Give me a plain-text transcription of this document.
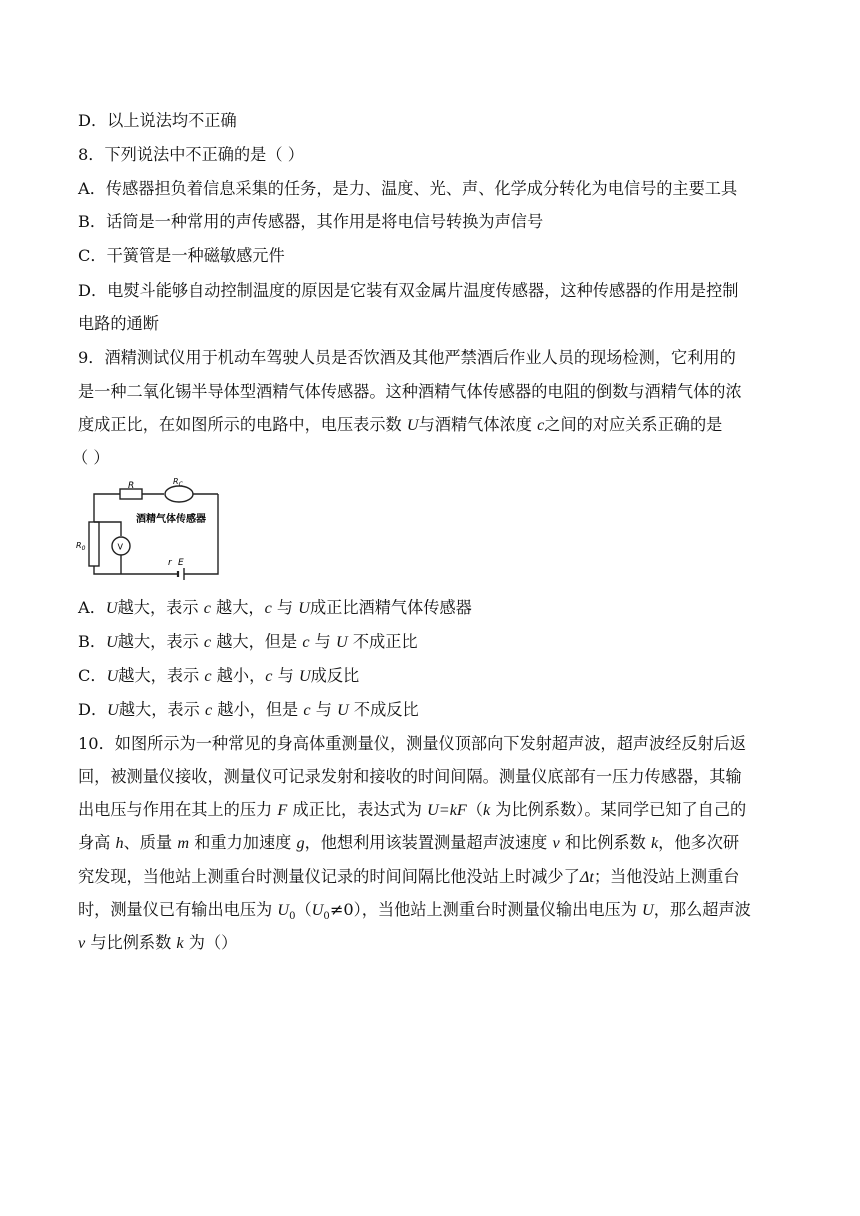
D．以上说法均不正确
8．下列说法中不正确的是（ ）
A．传感器担负着信息采集的任务，是力、温度、光、声、化学成分转化为电信号的主要工具
B．话筒是一种常用的声传感器，其作用是将电信号转换为声信号
C．干簧管是一种磁敏感元件
D．电熨斗能够自动控制温度的原因是它装有双金属片温度传感器，这种传感器的作用是控制
电路的通断
9．酒精测试仪用于机动车驾驶人员是否饮酒及其他严禁酒后作业人员的现场检测，它利用的
是一种二氧化锡半导体型酒精气体传感器。这种酒精气体传感器的电阻的倒数与酒精气体的浓
度成正比，在如图所示的电路中，电压表示数 U与酒精气体浓度 c之间的对应关系正确的是
（ ）
R	$R_C$
$R_0$	V
r E
酒精气体传感器
A．U越大，表示 c 越大，c 与 U成正比酒精气体传感器
B．U越大，表示 c 越大，但是 c 与 U 不成正比
C．U越大，表示 c 越小，c 与 U成反比
D．U越大，表示 c 越小，但是 c 与 U 不成反比
10．如图所示为一种常见的身高体重测量仪，测量仪顶部向下发射超声波，超声波经反射后返
回，被测量仪接收，测量仪可记录发射和接收的时间间隔。测量仪底部有一压力传感器，其输
出电压与作用在其上的压力 F 成正比，表达式为 U=kF（k 为比例系数）。某同学已知了自己的
身高 h、质量 m 和重力加速度 g，他想利用该装置测量超声波速度 v 和比例系数 k，他多次研
究发现，当他站上测重台时测量仪记录的时间间隔比他没站上时减少了Δt；当他没站上测重台
时，测量仪已有输出电压为 $U_0(U_0\ne 0)$，当他站上测重台时测量仪输出电压为 U，那么超声波
v 与比例系数 k 为（）
